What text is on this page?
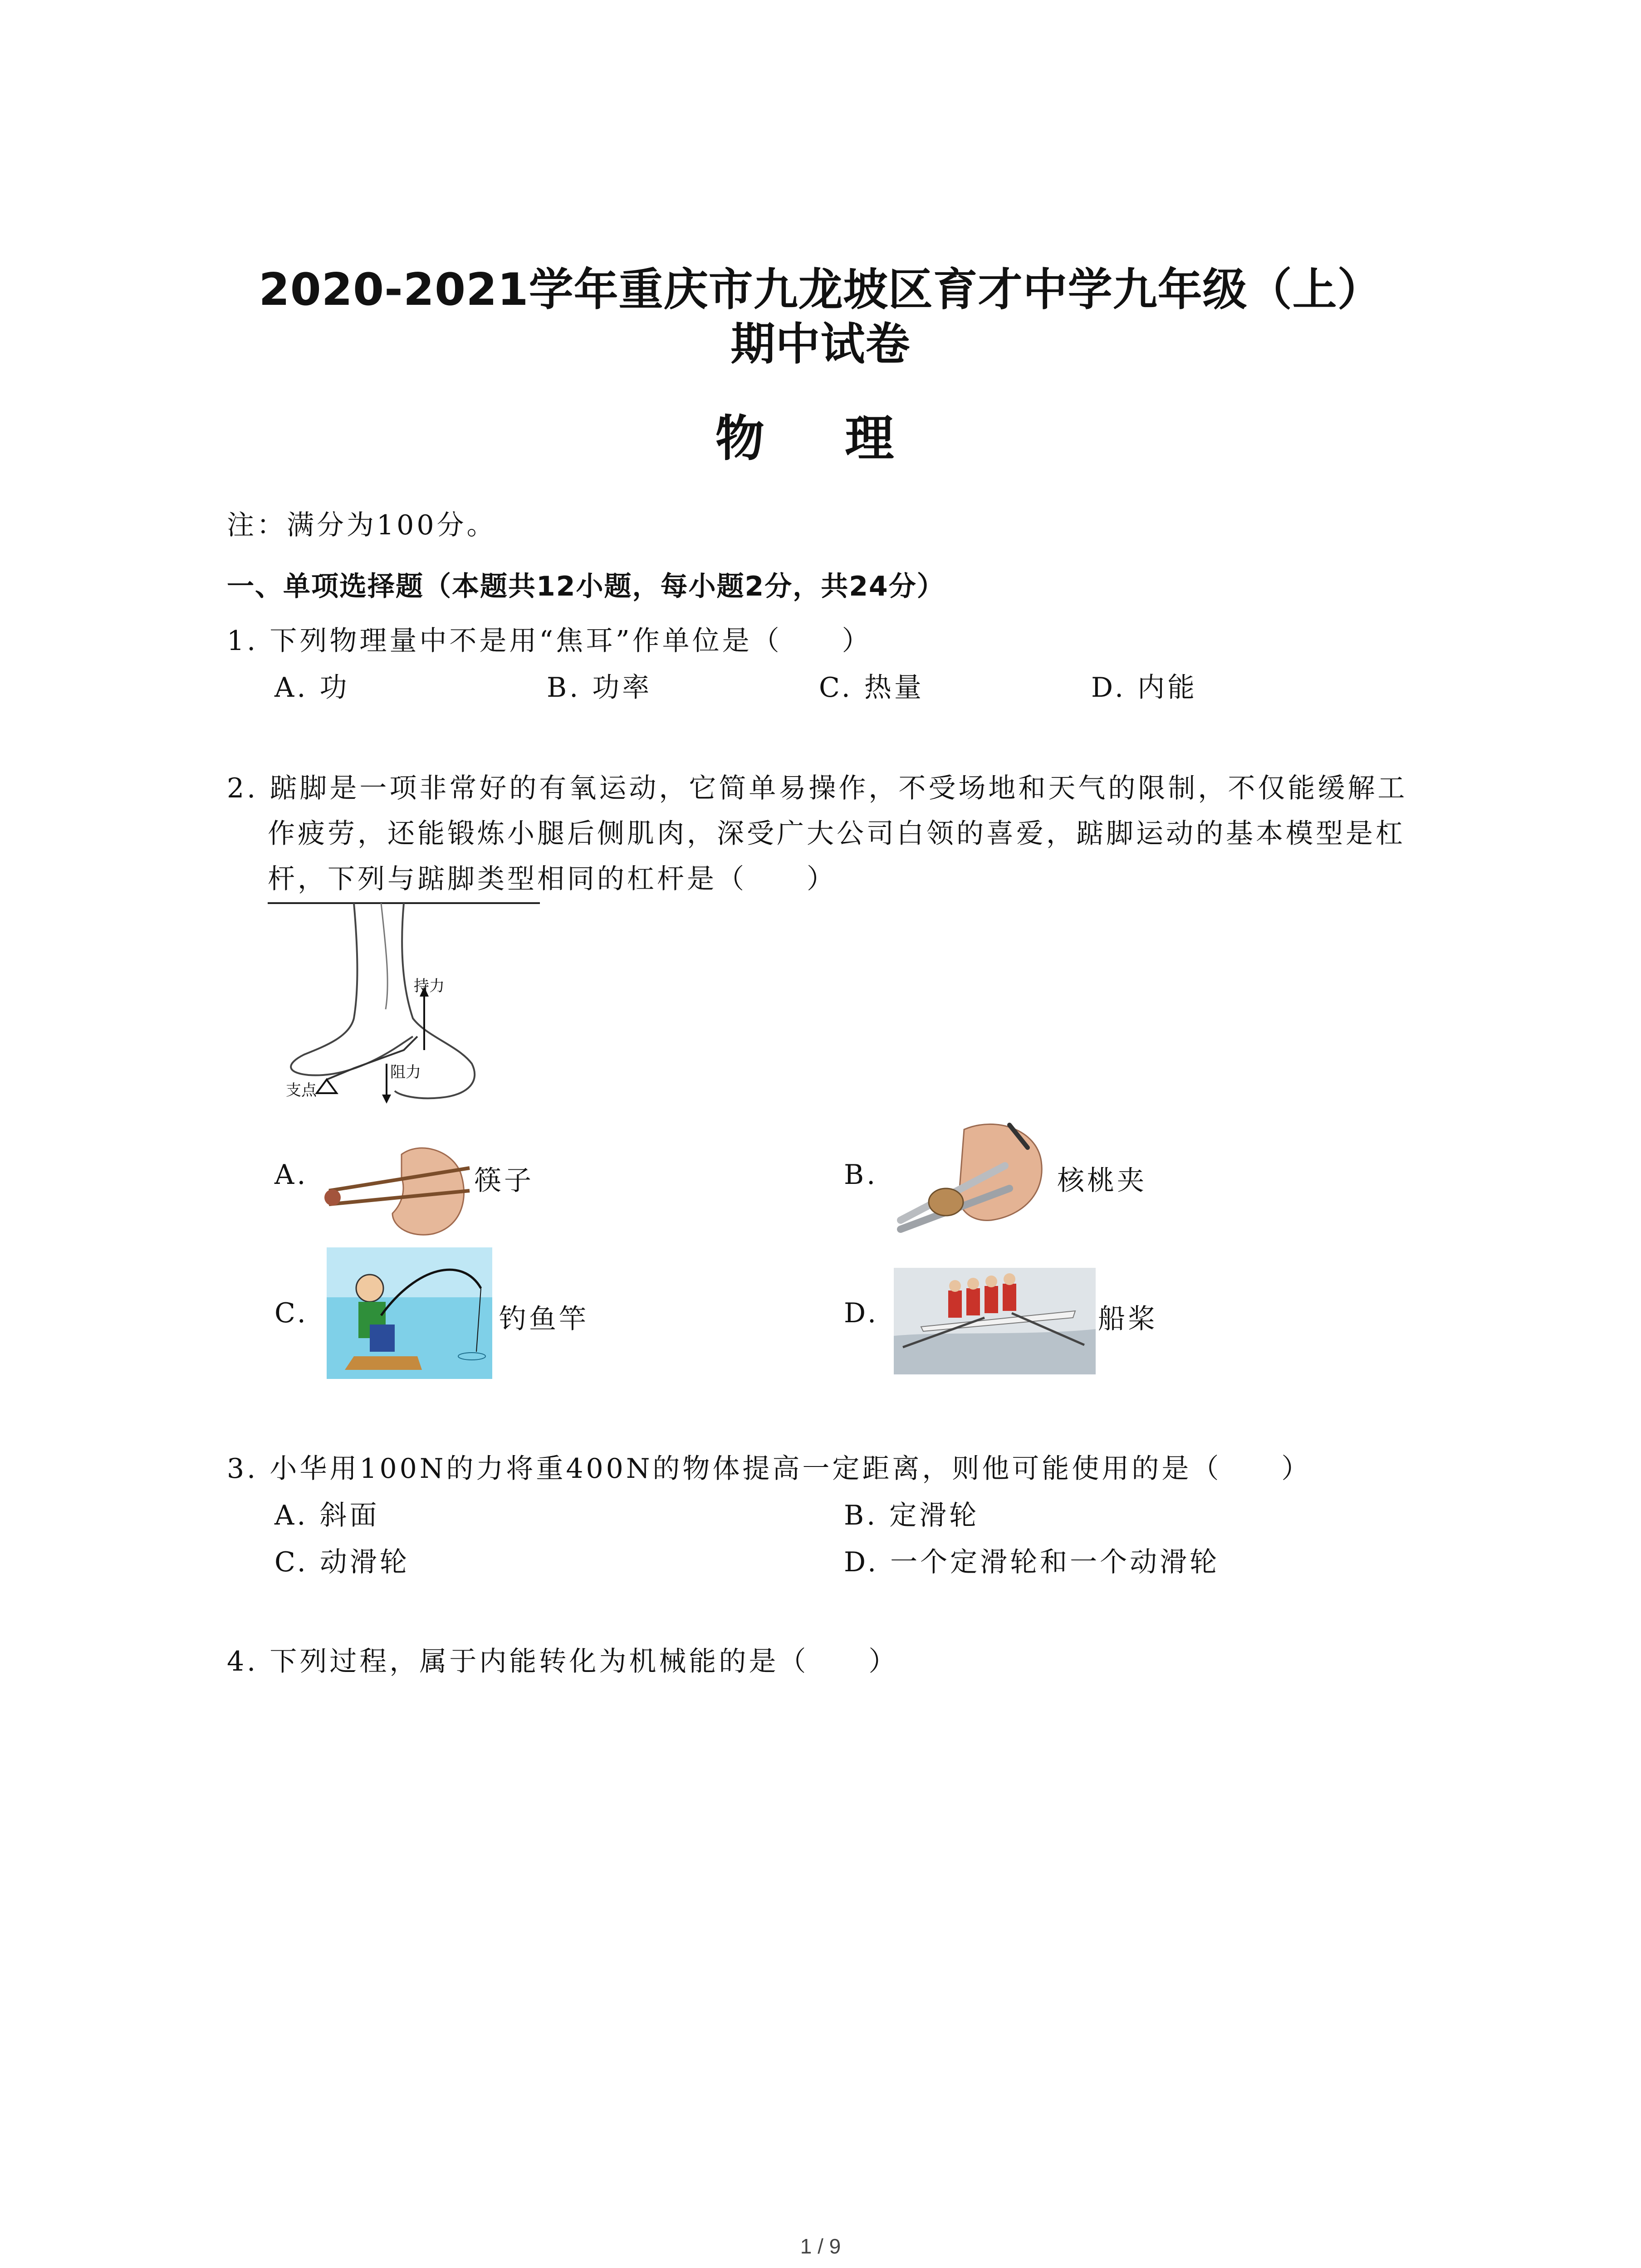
2020-2021学年重庆市九龙坡区育才中学九年级（上）
期中试卷
物 理
注：满分为100分。
一、单项选择题（本题共12小题，每小题2分，共24分）
1. 下列物理量中不是用“焦耳”作单位是（　　）
A. 功	B. 功率	C. 热量	D. 内能
2. 踮脚是一项非常好的有氧运动，它简单易操作，不受场地和天气的限制，不仅能缓解工
作疲劳，还能锻炼小腿后侧肌肉，深受广大公司白领的喜爱，踮脚运动的基本模型是杠
杆，下列与踮脚类型相同的杠杆是（　　）
持力
阻力
支点
A.	筷子	B.	核桃夹
C.	钓鱼竿	D.	船桨
3. 小华用100N的力将重400N的物体提高一定距离，则他可能使用的是（　　）
A. 斜面	B. 定滑轮
C. 动滑轮	D. 一个定滑轮和一个动滑轮
4. 下列过程，属于内能转化为机械能的是（　　）
1 / 9
